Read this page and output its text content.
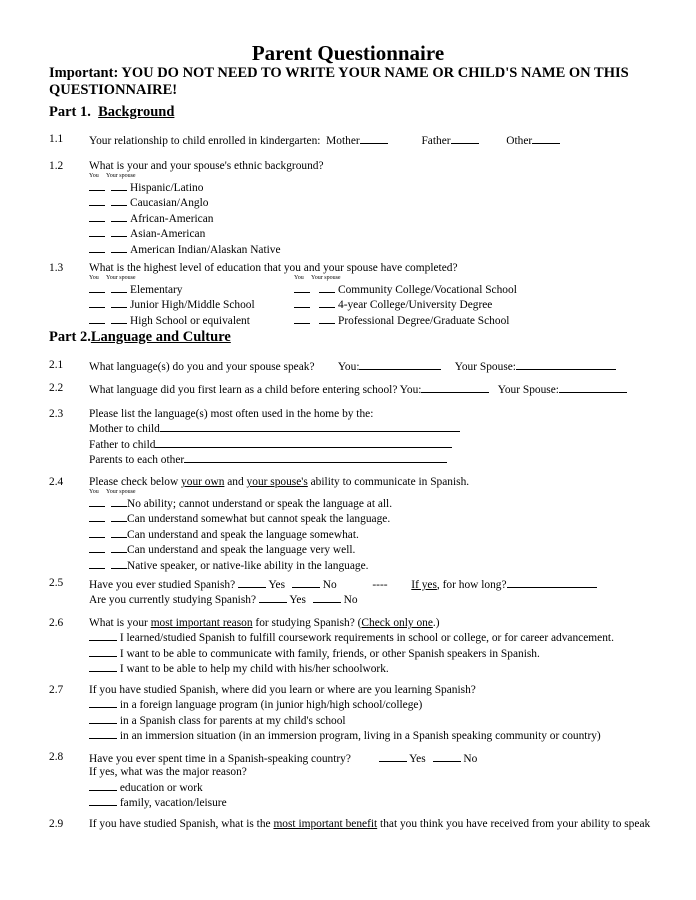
Parent Questionnaire
Important: YOU DO NOT NEED TO WRITE YOUR NAME OR CHILD'S NAME ON THIS QUESTIONNAIRE!
Part 1. Background
1.1 Your relationship to child enrolled in kindergarten: Mother	Father	Other
1.2 What is your and your spouse's ethnic background?
You Your spouse
Hispanic/Latino
Caucasian/Anglo
African-American
Asian-American
American Indian/Alaskan Native
1.3 What is the highest level of education that you and your spouse have completed?
You Your spouse	You Your spouse
Elementary
Junior High/Middle School
High School or equivalent
Community College/Vocational School
4-year College/University Degree
Professional Degree/Graduate School
Part 2.Language and Culture
2.1 What language(s) do you and your spouse speak? You:	Your Spouse:
2.2 What language did you first learn as a child before entering school? You:	Your Spouse:
2.3 Please list the language(s) most often used in the home by the:
Mother to child
Father to child
Parents to each other
2.4 Please check below your own and your spouse's ability to communicate in Spanish.
You Your spouse
No ability; cannot understand or speak the language at all.
Can understand somewhat but cannot speak the language.
Can understand and speak the language somewhat.
Can understand and speak the language very well.
Native speaker, or native-like ability in the language.
2.5 Have you ever studied Spanish?	Yes	No	---- If yes, for how long?
Are you currently studying Spanish?	Yes	No
2.6 What is your most important reason for studying Spanish? (Check only one.)
I learned/studied Spanish to fulfill coursework requirements in school or college, or for career advancement.
I want to be able to communicate with family, friends, or other Spanish speakers in Spanish.
I want to be able to help my child with his/her schoolwork.
2.7 If you have studied Spanish, where did you learn or where are you learning Spanish?
in a foreign language program (in junior high/high school/college)
in a Spanish class for parents at my child's school
in an immersion situation (in an immersion program, living in a Spanish speaking community or country)
2.8 Have you ever spent time in a Spanish-speaking country?	Yes	No
If yes, what was the major reason?
education or work
family, vacation/leisure
2.9 If you have studied Spanish, what is the most important benefit that you think you have received from your ability to speak
